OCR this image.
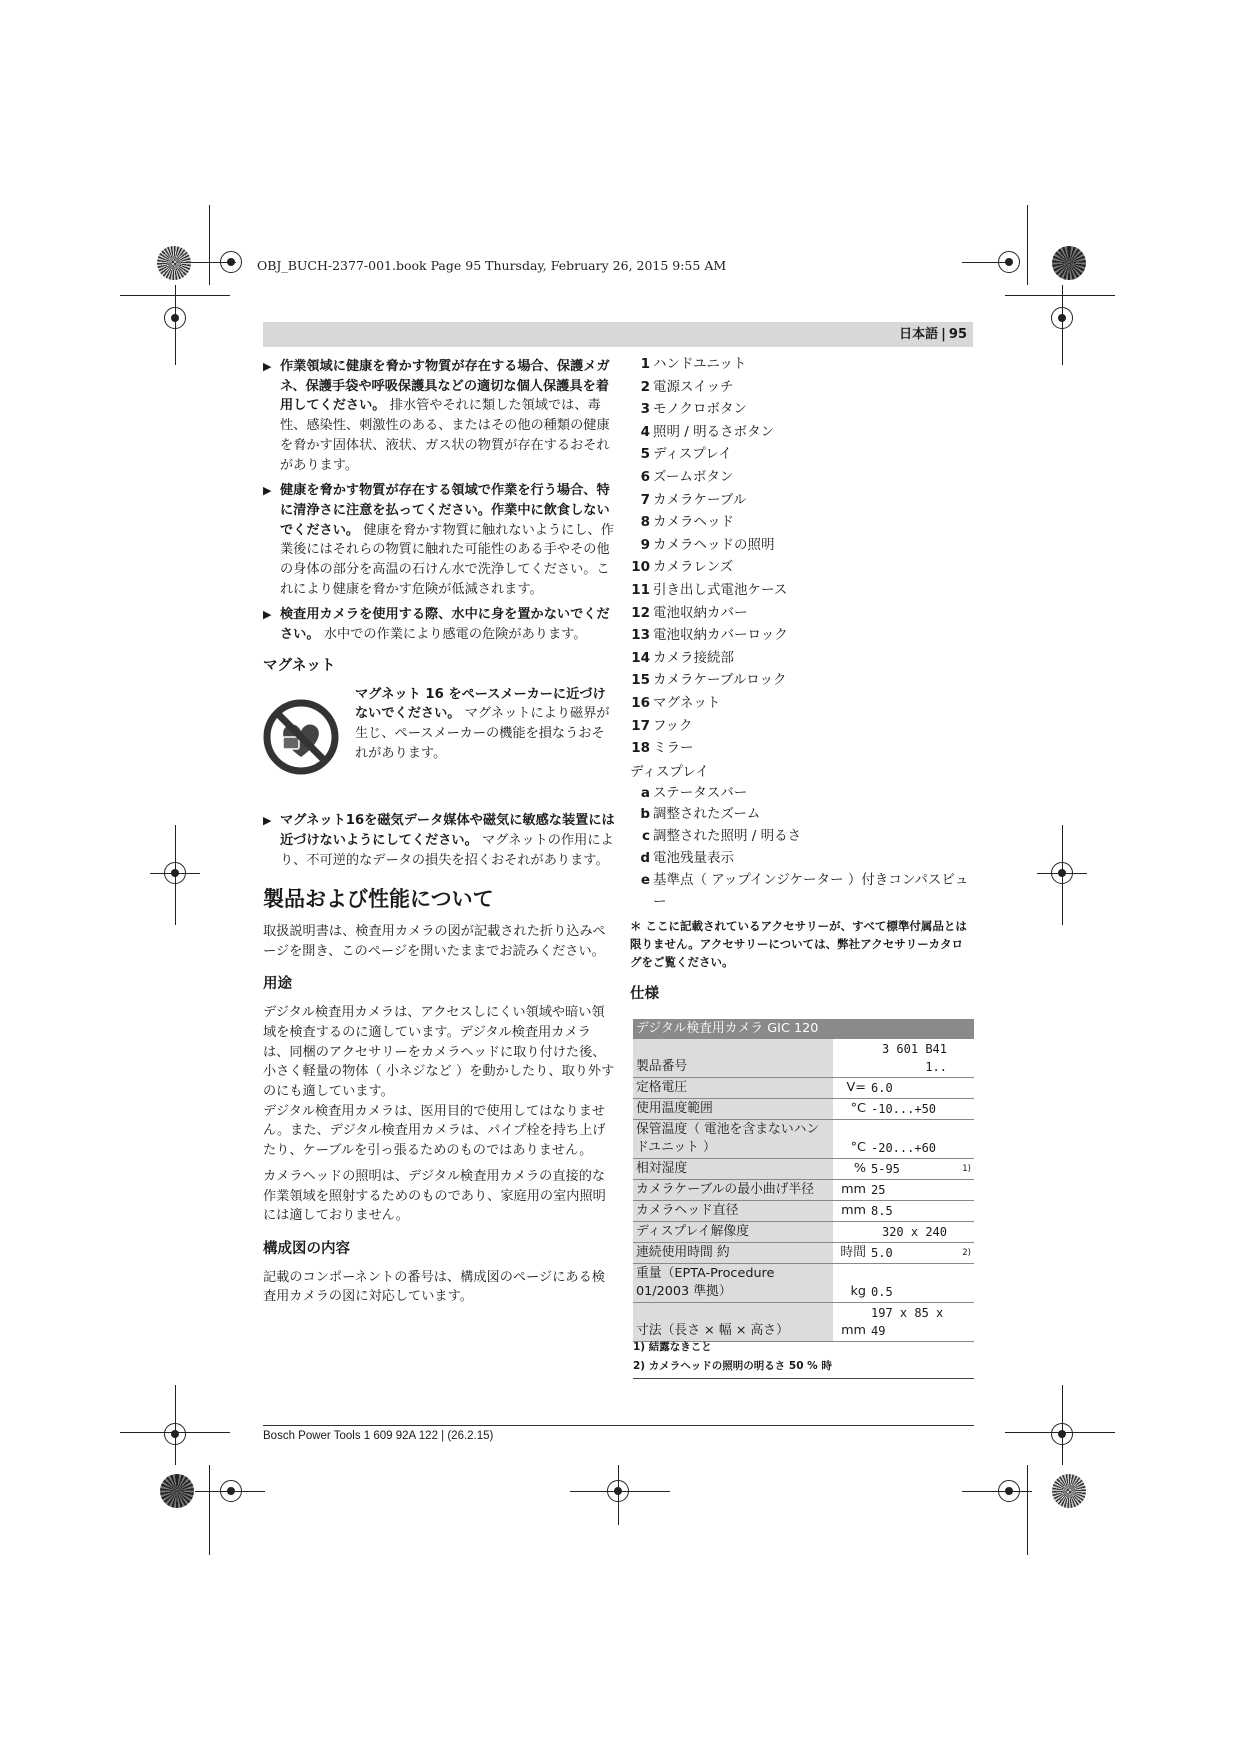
OBJ_BUCH-2377-001.book Page 95 Thursday, February 26, 2015 9:55 AM
日本語 | 95
▶ 作業領域に健康を脅かす物質が存在する場合、保護メガネ、保護手袋や呼吸保護具などの適切な個人保護具を着用してください。 排水管やそれに類した領域では、毒性、感染性、刺激性のある、またはその他の種類の健康を脅かす固体状、液状、ガス状の物質が存在するおそれがあります。
▶ 健康を脅かす物質が存在する領域で作業を行う場合、特に清浄さに注意を払ってください。作業中に飲食しないでください。 健康を脅かす物質に触れないようにし、作業後にはそれらの物質に触れた可能性のある手やその他の身体の部分を高温の石けん水で洗浄してください。これにより健康を脅かす危険が低減されます。
▶ 検査用カメラを使用する際、水中に身を置かないでください。 水中での作業により感電の危険があります。
マグネット
マグネット 16 をペースメーカーに近づけないでください。 マグネットにより磁界が生じ、ペースメーカーの機能を損なうおそれがあります。
▶ マグネット16を磁気データ媒体や磁気に敏感な装置には近づけないようにしてください。 マグネットの作用により、不可逆的なデータの損失を招くおそれがあります。
製品および性能について

取扱説明書は、検査用カメラの図が記載された折り込みページを開き、このページを開いたままでお読みください。

用途

デジタル検査用カメラは、アクセスしにくい領域や暗い領域を検査するのに適しています。デジタル検査用カメラは、同梱のアクセサリーをカメラヘッドに取り付けた後、小さく軽量の物体（ 小ネジなど ）を動かしたり、取り外すのにも適しています。

デジタル検査用カメラは、医用目的で使用してはなりません。また、デジタル検査用カメラは、パイプ栓を持ち上げたり、ケーブルを引っ張るためのものではありません。

カメラヘッドの照明は、デジタル検査用カメラの直接的な作業領域を照射するためのものであり、家庭用の室内照明には適しておりません。

構成図の内容

記載のコンポーネントの番号は、構成図のページにある検査用カメラの図に対応しています。

1 ハンドユニット
2 電源スイッチ
3 モノクロボタン
4 照明 / 明るさボタン
5 ディスプレイ
6 ズームボタン
7 カメラケーブル
8 カメラヘッド
9 カメラヘッドの照明
10 カメラレンズ
11 引き出し式電池ケース
12 電池収納カバー
13 電池収納カバーロック
14 カメラ接続部
15 カメラケーブルロック
16 マグネット
17 フック
18 ミラー
ディスプレイ
a ステータスバー
b 調整されたズーム
c 調整された照明 / 明るさ
d 電池残量表示
e 基準点（ アップインジケーター ）付きコンパスビュー
＊ ここに記載されているアクセサリーが、すべて標準付属品とは限りません。アクセサリーについては、弊社アクセサリーカタログをご覧ください。
仕様
デジタル検査用カメラ GIC 120			
製品番号		3 601 B41 1..	
定格電圧	V=	6.0	
使用温度範囲	°C	-10...+50	
保管温度（ 電池を含まないハンドユニット ）	°C	-20...+60	
相対湿度	%	5-95	1)
カメラケーブルの最小曲げ半径	mm	25	
カメラヘッド直径	mm	8.5	
ディスプレイ解像度		320 x 240	
連続使用時間 約	時間	5.0	2)
重量（EPTA-Procedure 01/2003 準拠）	kg	0.5	
寸法（長さ × 幅 × 高さ）	mm	197 x 85 x 49	
1) 結露なきこと
2) カメラヘッドの照明の明るさ 50 % 時
Bosch Power Tools 1 609 92A 122 | (26.2.15)
